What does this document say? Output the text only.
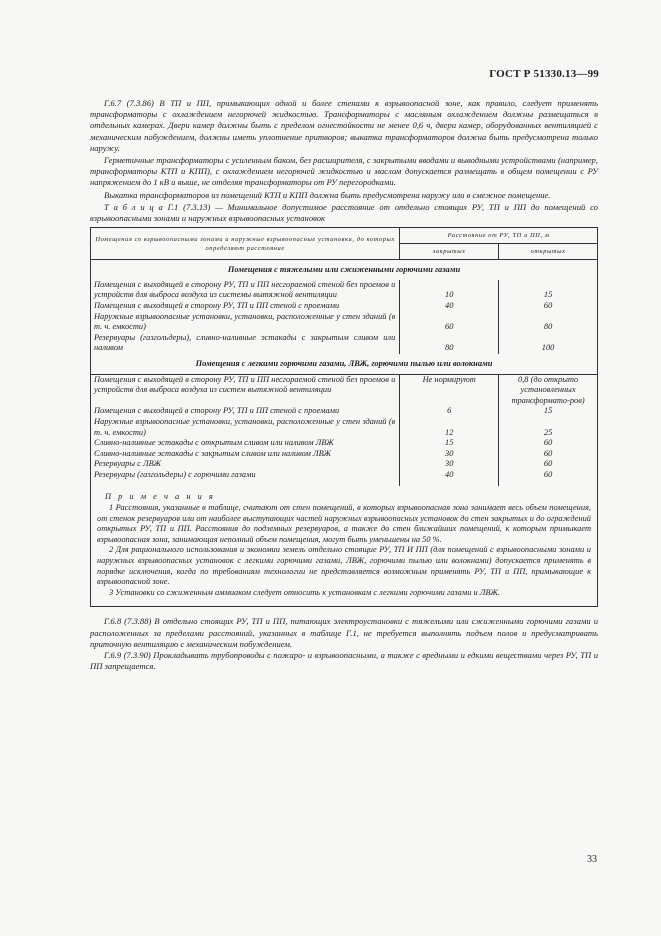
ГОСТ Р 51330.13—99

Г.6.7 (7.3.86) В ТП и ПП, примыкающих одной и более стенами к взрывоопасной зоне, как правило, следует применять трансформаторы с охлаждением негорючей жидкостью. Трансформаторы с масляным охлаждением должны размещаться в отдельных камерах. Двери камер должны быть с пределом огнестойкости не менее 0,6 ч, двери камер, оборудованных вентиляцией с механическим побуждением, должны иметь уплотнение притворов; выкатка трансформаторов должна быть предусмотрена только наружу.

Герметичные трансформаторы с усиленным баком, без расширителя, с закрытыми вводами и выводными устройствами (например, трансформаторы КТП и КПП), с охлаждением негорючей жидкостью и маслом допускается размещать в общем помещении с РУ напряжением до 1 кВ и выше, не отделяя трансформаторы от РУ перегородками.

Выкатка трансформаторов из помещений КТП и КПП должна быть предусмотрена наружу или в смежное помещение.

Т а б л и ц а Г.1 (7.3.13) — Минимальное допустимое расстояние от отдельно стоящих РУ, ТП и ПП до помещений со взрывоопасными зонами и наружных взрывоопасных установок

Помещения со взрывоопасными зонами и наружные взрывоопасные установки, до которых определяют расстояние	Расстояние от РУ, ТП и ПП, м	
	закрытых	открытых
Помещения с тяжелыми или сжиженными горючими газами		
Помещения с выходящей в сторону РУ, ТП и ПП несгораемой стеной без проемов и устройств для выброса воздуха из системы вытяжной вентиляции	10	15
Помещения с выходящей в сторону РУ, ТП и ПП стеной с проемами	40	60
Наружные взрывоопасные установки, установки, расположенные у стен зданий (в т. ч. емкости)	60	80
Резервуары (газгольдеры), сливно-наливные эстакады с закрытым сливом или наливом	80	100
Помещения с легкими горючими газами, ЛВЖ, горючими пылью или волокнами		
Помещения с выходящей в сторону РУ, ТП и ПП несгораемой стеной без проемов и устройств для выброса воздуха из систем вытяжной вентиляции	Не нормируют	0,8 (до открыто установленных трансформато-ров)
Помещения с выходящей в сторону РУ, ТП и ПП стеной с проемами	6	15
Наружные взрывоопасные установки, установки, расположенные у стен зданий (в т. ч. емкости)	12	25
Сливно-наливные эстакады с открытым сливом или наливом ЛВЖ	15	60
Сливно-наливные эстакады с закрытым сливом или наливом ЛВЖ	30	60
Резервуары с ЛВЖ	30	60
Резервуары (газгольдеры) с горючими газами	40	60

П р и м е ч а н и я

1 Расстояния, указанные в таблице, считают от стен помещений, в которых взрывоопасная зона занимает весь объем помещения, от стенок резервуаров или от наиболее выступающих частей наружных взрывоопасных установок до стен закрытых и до ограждений открытых РУ, ТП и ПП. Расстояния до подземных резервуаров, а также до стен ближайших помещений, к которым примыкает взрывоопасная зона, занимающая неполный объем помещения, могут быть уменьшены на 50 %.

2 Для рационального использования и экономии земель отдельно стоящие РУ, ТП И ПП (для помещений с взрывоопасными зонами и наружных взрывоопасных установок с легкими горючими газами, ЛВЖ, горючими пылью или волокнами) допускается применять в порядке исключения, когда по требованиям технологии не представляется возможным применять РУ, ТП и ПП, примыкающие к взрывоопасной зоне.

3 Установки со сжиженным аммиаком следует относить к установкам с легкими горючими газами и ЛВЖ.		

Г.6.8 (7.3.88) В отдельно стоящих РУ, ТП и ПП, питающих электроустановки с тяжелыми или сжиженными горючими газами и расположенных за пределами расстояний, указанных в таблице Г.1, не требуется выполнять подъем полов и предусматривать приточную вентиляцию с механическим побуждением.

Г.6.9 (7.3.90) Прокладывать трубопроводы с пожаро- и взрывоопасными, а также с вредными и едкими веществами через РУ, ТП и ПП запрещается.

33
